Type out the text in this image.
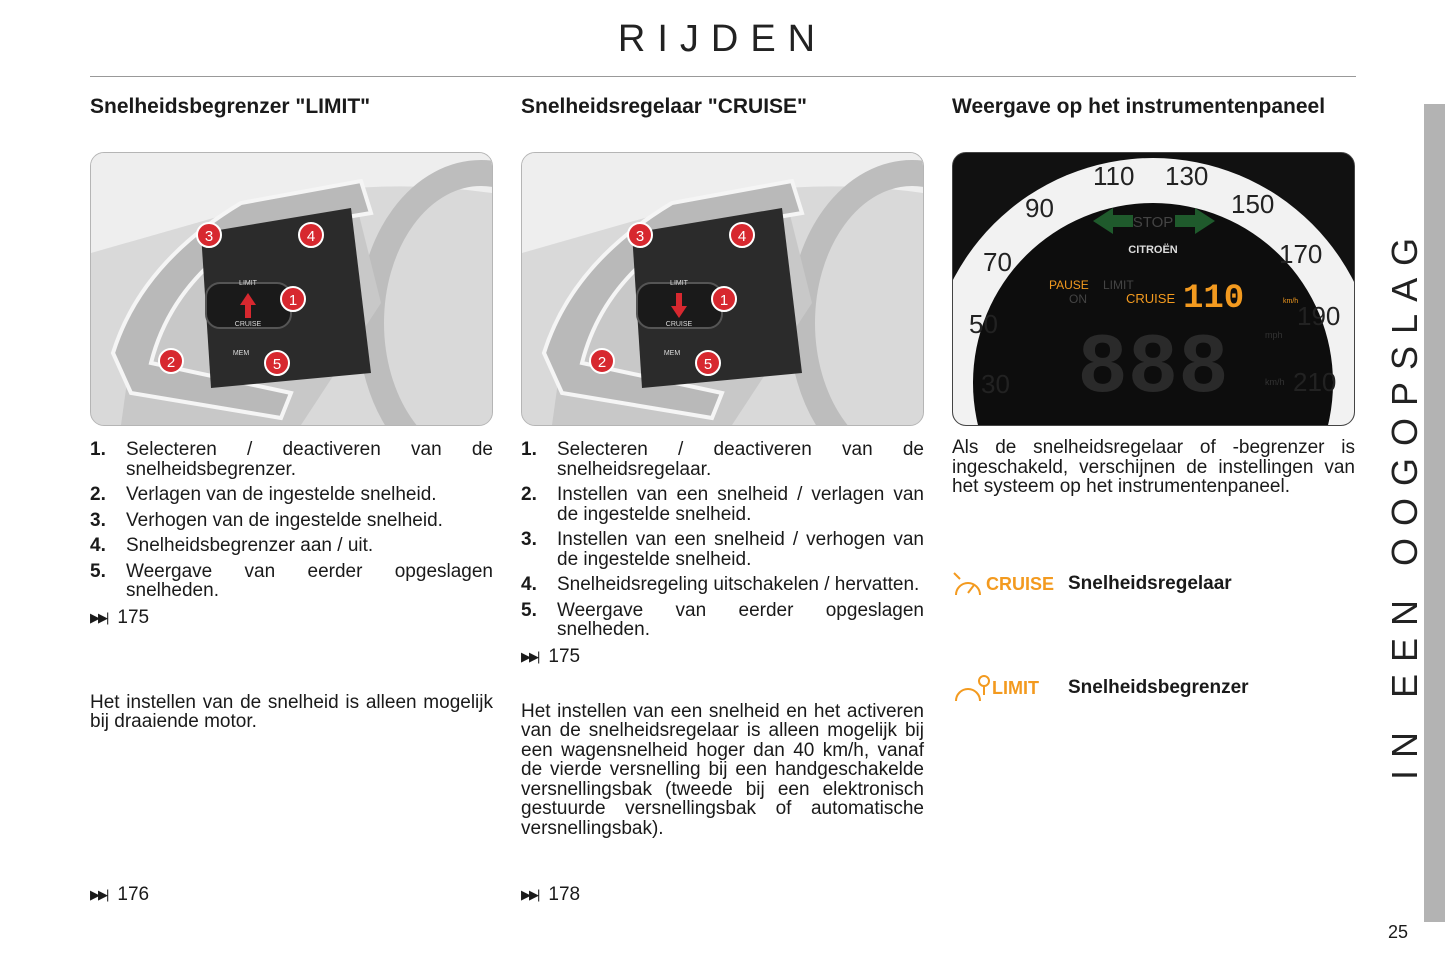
RIJDEN
Snelheidsbegrenzer "LIMIT"
LIMIT
CRUISE
MEM
3	4
1
2	5
1.	Selecteren / deactiveren van de snelheidsbegrenzer.
2.	Verlagen van de ingestelde snelheid.
3.	Verhogen van de ingestelde snelheid.
4.	Snelheidsbegrenzer aan / uit.
5.	Weergave van eerder opgeslagen snelheden.
▶▶| 175
Het instellen van de snelheid is alleen mogelijk bij draaiende motor.
▶▶| 176
Snelheidsregelaar "CRUISE"
LIMIT
CRUISE
MEM
3	4
1
2	5
1.	Selecteren / deactiveren van de snelheidsregelaar.
2.	Instellen van een snelheid / verlagen van de ingestelde snelheid.
3.	Instellen van een snelheid / verhogen van de ingestelde snelheid.
4.	Snelheidsregeling uitschakelen / hervatten.
5.	Weergave van eerder opgeslagen snelheden.
▶▶| 175
Het instellen van een snelheid en het activeren van de snelheidsregelaar is alleen mogelijk bij een wagensnelheid hoger dan 40 km/h, vanaf de vierde versnelling bij een handgeschakelde versnellingsbak (tweede bij een elektronisch gestuurde versnellingsbak of automatische versnellingsbak).
▶▶| 178
Weergave op het instrumentenpaneel
30
50
70
90
110 130
150
170
190
210
STOP
CITROËN
PAUSE LIMIT
ON	CRUISE 110	km/h
888	mph
km/h
Als de snelheidsregelaar of -begrenzer is ingeschakeld, verschijnen de instellingen van het systeem op het instrumentenpaneel.
CRUISE Snelheidsregelaar
LIMIT Snelheidsbegrenzer	IN EEN OOGOPSLAG
25
